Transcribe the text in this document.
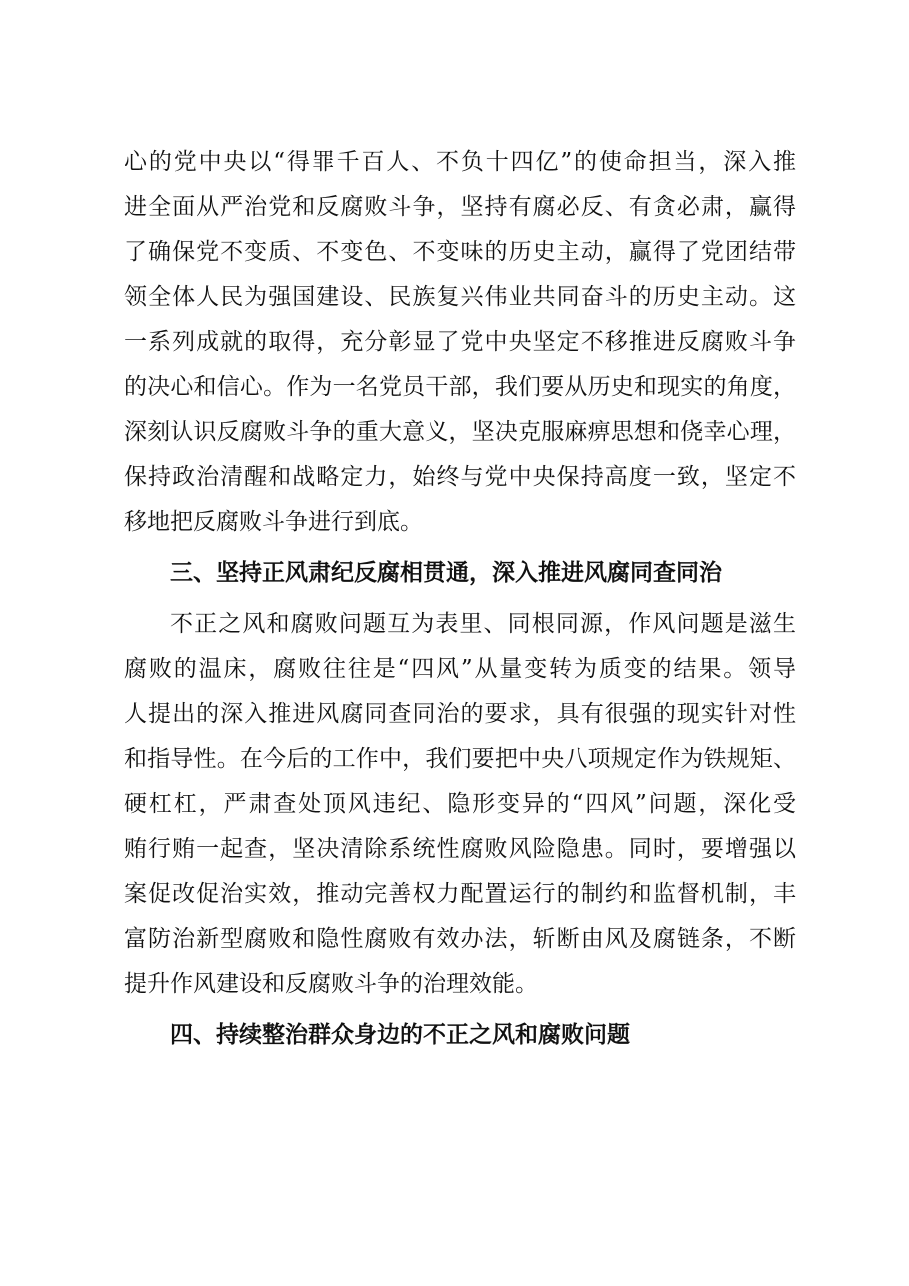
心的党中央以“得罪千百人、不负十四亿”的使命担当，深入推
进全面从严治党和反腐败斗争，坚持有腐必反、有贪必肃，赢得
了确保党不变质、不变色、不变味的历史主动，赢得了党团结带
领全体人民为强国建设、民族复兴伟业共同奋斗的历史主动。这
一系列成就的取得，充分彰显了党中央坚定不移推进反腐败斗争
的决心和信心。作为一名党员干部，我们要从历史和现实的角度，
深刻认识反腐败斗争的重大意义，坚决克服麻痹思想和侥幸心理，
保持政治清醒和战略定力，始终与党中央保持高度一致，坚定不
移地把反腐败斗争进行到底。
三、坚持正风肃纪反腐相贯通，深入推进风腐同查同治
不正之风和腐败问题互为表里、同根同源，作风问题是滋生
腐败的温床，腐败往往是“四风”从量变转为质变的结果。领导
人提出的深入推进风腐同查同治的要求，具有很强的现实针对性
和指导性。在今后的工作中，我们要把中央八项规定作为铁规矩、
硬杠杠，严肃查处顶风违纪、隐形变异的“四风”问题，深化受
贿行贿一起查，坚决清除系统性腐败风险隐患。同时，要增强以
案促改促治实效，推动完善权力配置运行的制约和监督机制，丰
富防治新型腐败和隐性腐败有效办法，斩断由风及腐链条，不断
提升作风建设和反腐败斗争的治理效能。
四、持续整治群众身边的不正之风和腐败问题
